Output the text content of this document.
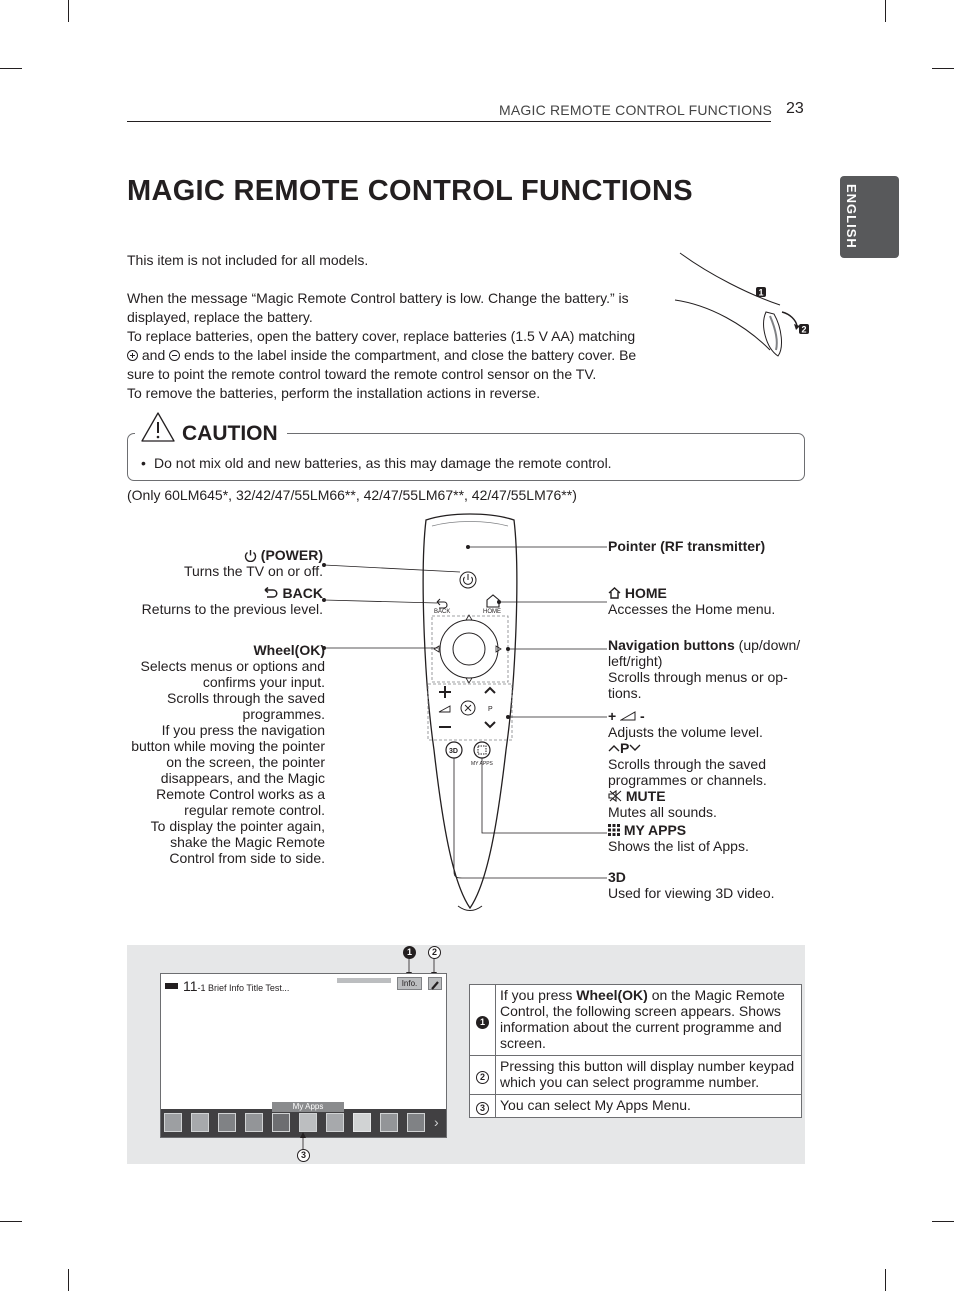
MAGIC REMOTE CONTROL FUNCTIONS 23
ENGLISH
MAGIC REMOTE CONTROL FUNCTIONS
This item is not included for all models.
When the message “Magic Remote Control battery is low. Change the battery.” is
displayed, replace the battery.
To replace batteries, open the battery cover, replace batteries (1.5 V AA) matching
and  ends to the label inside the compartment, and close the battery cover. Be
sure to point the remote control toward the remote control sensor on the TV.
To remove the batteries, perform the installation actions in reverse.
1
2
CAUTION
• Do not mix old and new batteries, as this may damage the remote control.
(Only 60LM645*, 32/42/47/55LM66**, 42/47/55LM67**, 42/47/55LM76**)
BACK	HOME
P
3D
MY APPS
(POWER)
Turns the TV on or off.
BACK
Returns to the previous level.
Wheel(OK)
Selects menus or options and
confirms your input.
Scrolls through the saved
programmes.
If you press the navigation
button while moving the pointer
on the screen, the pointer
disappears, and the Magic
Remote Control works as a
regular remote control.
To display the pointer again,
shake the Magic Remote
Control from side to side.
Pointer (RF transmitter)
HOME
Accesses the Home menu.
Navigation buttons (up/down/
left/right)
Scrolls through menus or op-
tions.
+ -
Adjusts the volume level.
P
Scrolls through the saved
programmes or channels.
MUTE
Mutes all sounds.
MY APPS
Shows the list of Apps.
3D
Used for viewing 3D video.
1	2
11-1 Brief Info Title Test...	Info.
My Apps
›
3
1	If you press Wheel(OK) on the Magic Remote Control, the following screen appears. Shows information about the current programme and screen.
2	Pressing this button will display number keypad which you can select programme number.
3	You can select My Apps Menu.
